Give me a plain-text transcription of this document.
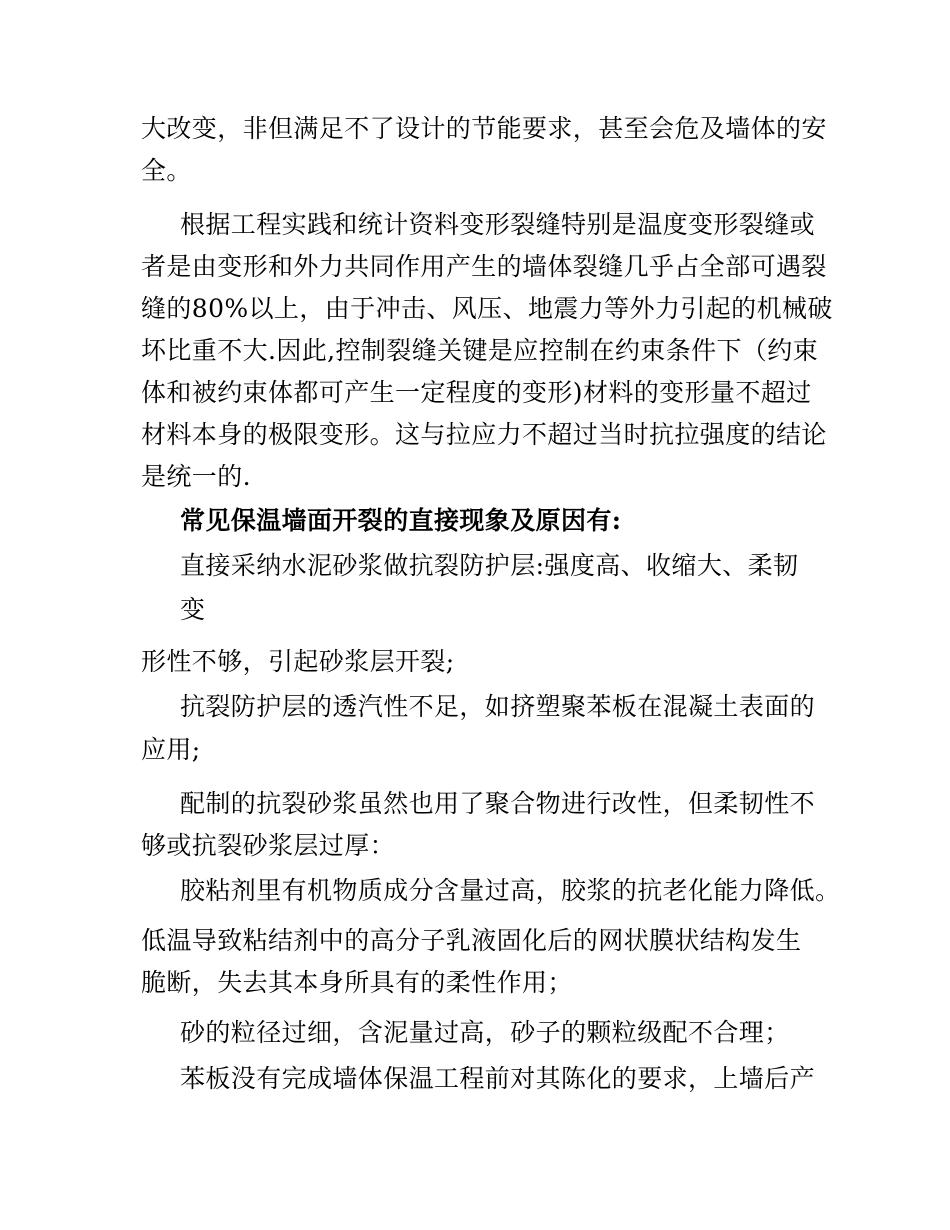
大改变，非但满足不了设计的节能要求，甚至会危及墙体的安
全。
根据工程实践和统计资料变形裂缝特别是温度变形裂缝或
者是由变形和外力共同作用产生的墙体裂缝几乎占全部可遇裂
缝的80%以上，由于冲击、风压、地震力等外力引起的机械破
坏比重不大.因此,控制裂缝关键是应控制在约束条件下（约束
体和被约束体都可产生一定程度的变形)材料的变形量不超过
材料本身的极限变形。这与拉应力不超过当时抗拉强度的结论
是统一的.
常见保温墙面开裂的直接现象及原因有:
直接采纳水泥砂浆做抗裂防护层:强度高、收缩大、柔韧
变
形性不够，引起砂浆层开裂;
抗裂防护层的透汽性不足，如挤塑聚苯板在混凝土表面的
应用;
配制的抗裂砂浆虽然也用了聚合物进行改性，但柔韧性不
够或抗裂砂浆层过厚：
胶粘剂里有机物质成分含量过高，胶浆的抗老化能力降低。
低温导致粘结剂中的高分子乳液固化后的网状膜状结构发生
脆断，失去其本身所具有的柔性作用；
砂的粒径过细，含泥量过高，砂子的颗粒级配不合理；
苯板没有完成墙体保温工程前对其陈化的要求，上墙后产
